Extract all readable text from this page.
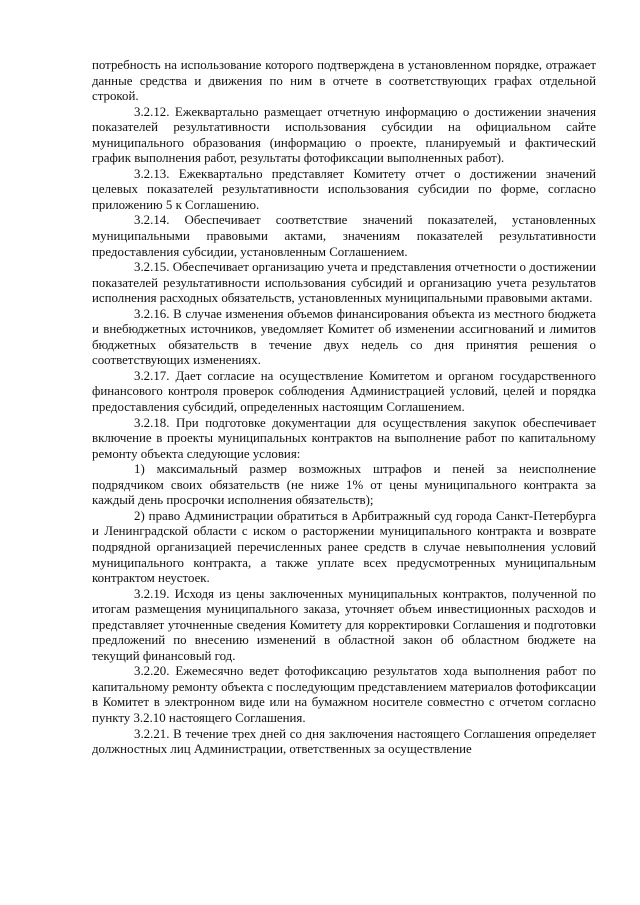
потребность на использование которого подтверждена в установленном порядке, отражает данные средства и движения по ним в отчете в соответствующих графах отдельной строкой.

3.2.12. Ежеквартально размещает отчетную информацию о достижении значения показателей результативности использования субсидии на официальном сайте муниципального образования (информацию о проекте, планируемый и фактический график выполнения работ, результаты фотофиксации выполненных работ).

3.2.13. Ежеквартально представляет Комитету отчет о достижении значений целевых показателей результативности использования субсидии по форме, согласно приложению 5 к Соглашению.

3.2.14. Обеспечивает соответствие значений показателей, установленных муниципальными правовыми актами, значениям показателей результативности предоставления субсидии, установленным Соглашением.

3.2.15. Обеспечивает организацию учета и представления отчетности о достижении показателей результативности использования субсидий и организацию учета результатов исполнения расходных обязательств, установленных муниципальными правовыми актами.

3.2.16. В случае изменения объемов финансирования объекта из местного бюджета и внебюджетных источников, уведомляет Комитет об изменении ассигнований и лимитов бюджетных обязательств в течение двух недель со дня принятия решения о соответствующих изменениях.

3.2.17. Дает согласие на осуществление Комитетом и органом государственного финансового контроля проверок соблюдения Администрацией условий, целей и порядка предоставления субсидий, определенных настоящим Соглашением.

3.2.18. При подготовке документации для осуществления закупок обеспечивает включение в проекты муниципальных контрактов на выполнение работ по капитальному ремонту объекта следующие условия:

1) максимальный размер возможных штрафов и пеней за неисполнение подрядчиком своих обязательств (не ниже 1% от цены муниципального контракта за каждый день просрочки исполнения обязательств);

2) право Администрации обратиться в Арбитражный суд города Санкт-Петербурга и Ленинградской области с иском о расторжении муниципального контракта и возврате подрядной организацией перечисленных ранее средств в случае невыполнения условий муниципального контракта, а также уплате всех предусмотренных муниципальным контрактом неустоек.

3.2.19. Исходя из цены заключенных муниципальных контрактов, полученной по итогам размещения муниципального заказа, уточняет объем инвестиционных расходов и представляет уточненные сведения Комитету для корректировки Соглашения и подготовки предложений по внесению изменений в областной закон об областном бюджете на текущий финансовый год.

3.2.20. Ежемесячно ведет фотофиксацию результатов хода выполнения работ по капитальному ремонту объекта с последующим представлением материалов фотофиксации в Комитет в электронном виде или на бумажном носителе совместно с отчетом согласно пункту 3.2.10 настоящего Соглашения.

3.2.21. В течение трех дней со дня заключения настоящего Соглашения определяет должностных лиц Администрации, ответственных за осуществление
